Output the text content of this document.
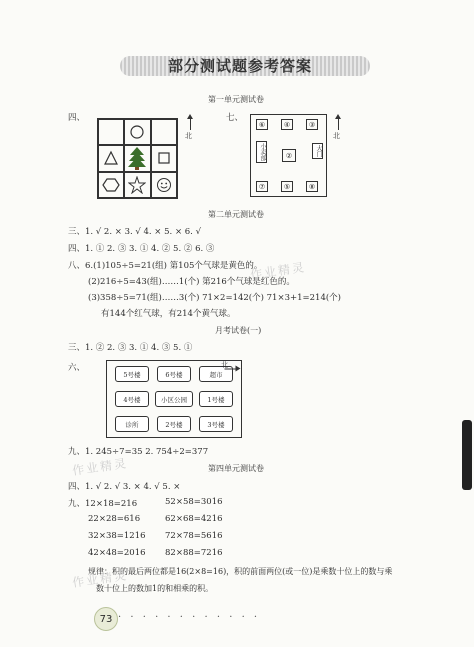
部分测试题参考答案
第一单元测试卷
四、
北
七、
⑥	④	③
小卖部	②	大门
⑦	⑤	⑧
北
第二单元测试卷
三、1. √ 2. × 3. √ 4. × 5. × 6. √
四、1. ① 2. ③ 3. ① 4. ② 5. ② 6. ③
八、6.(1)105÷5=21(组) 第105个气球是黄色的。
(2)216÷5=43(组)……1(个) 第216个气球是红色的。
(3)358÷5=71(组)……3(个) 71×2=142(个) 71×3+1=214(个)
有144个红气球，有214个黄气球。
月考试卷(一)
三、1. ② 2. ③ 3. ① 4. ③ 5. ①
六、
5号楼	6号楼	超市
4号楼	小区公园	1号楼
诊所	2号楼	3号楼
北
九、1. 245÷7=35 2. 754÷2=377
第四单元测试卷
四、1. √ 2. √ 3. × 4. √ 5. ×
九、12×18=216	52×58=3016
22×28=616	62×68=4216
32×38=1216 72×78=5616
42×48=2016 82×88=7216
规律：积的最后两位都是16(2×8=16)，积的前面两位(或一位)是乘数十位上的数与乘
数十位上的数加1的和相乘的积。
作业精灵
作业精灵
作业精灵
73 · · · · · · · · · · · ·
